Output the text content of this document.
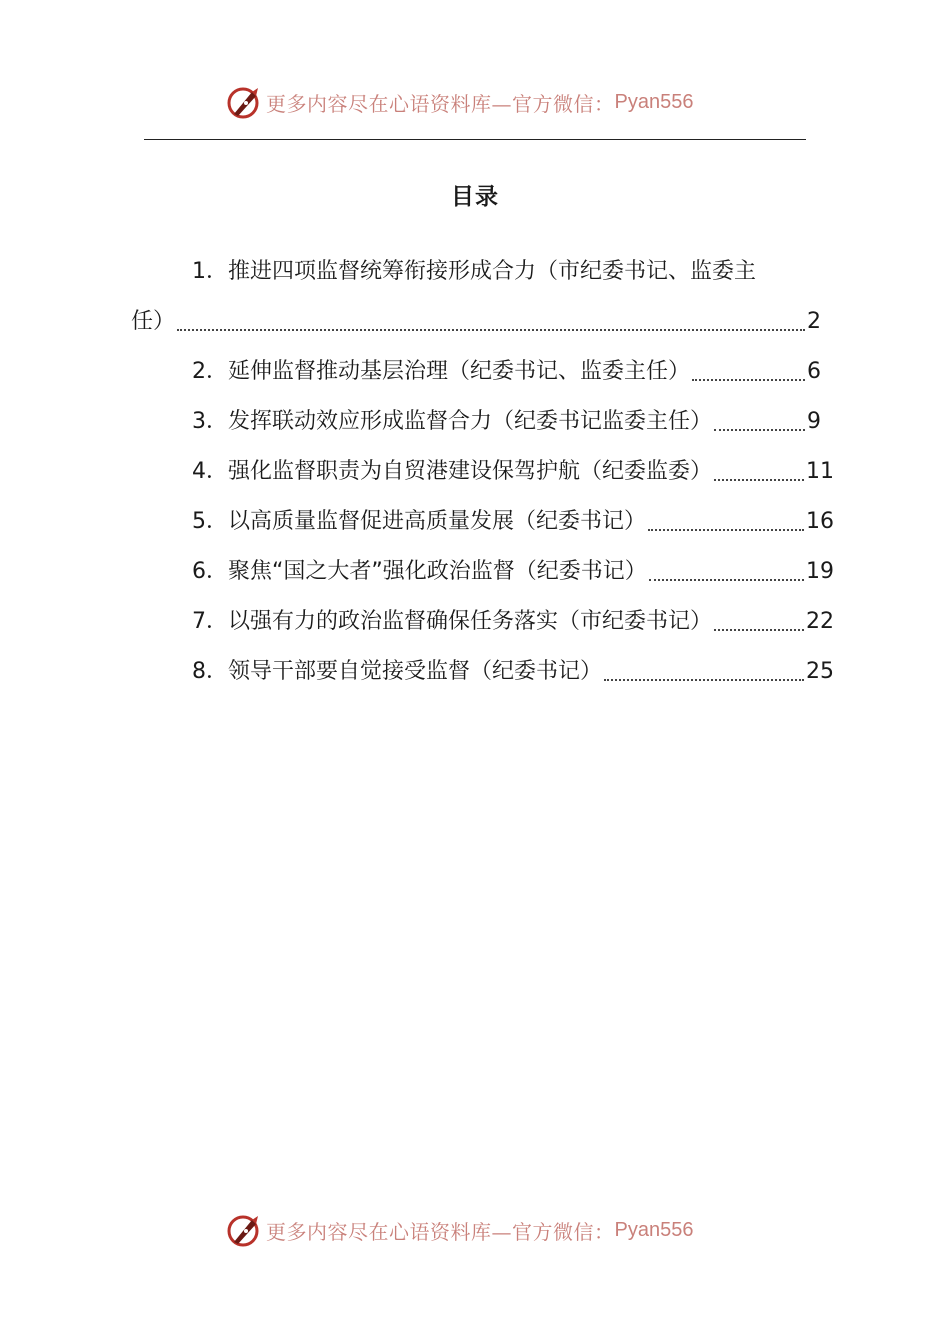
更多内容尽在心语资料库—官方微信： Pyan556
目录
1． 推进四项监督统筹衔接形成合力（市纪委书记、监委主
任）	2
2． 延伸监督推动基层治理（纪委书记、监委主任）	6
3． 发挥联动效应形成监督合力（纪委书记监委主任）	9
4． 强化监督职责为自贸港建设保驾护航（纪委监委）	11
5． 以高质量监督促进高质量发展（纪委书记）	16
6． 聚焦“国之大者”强化政治监督（纪委书记）	19
7． 以强有力的政治监督确保任务落实（市纪委书记）	22
8． 领导干部要自觉接受监督（纪委书记）	25
更多内容尽在心语资料库—官方微信： Pyan556
